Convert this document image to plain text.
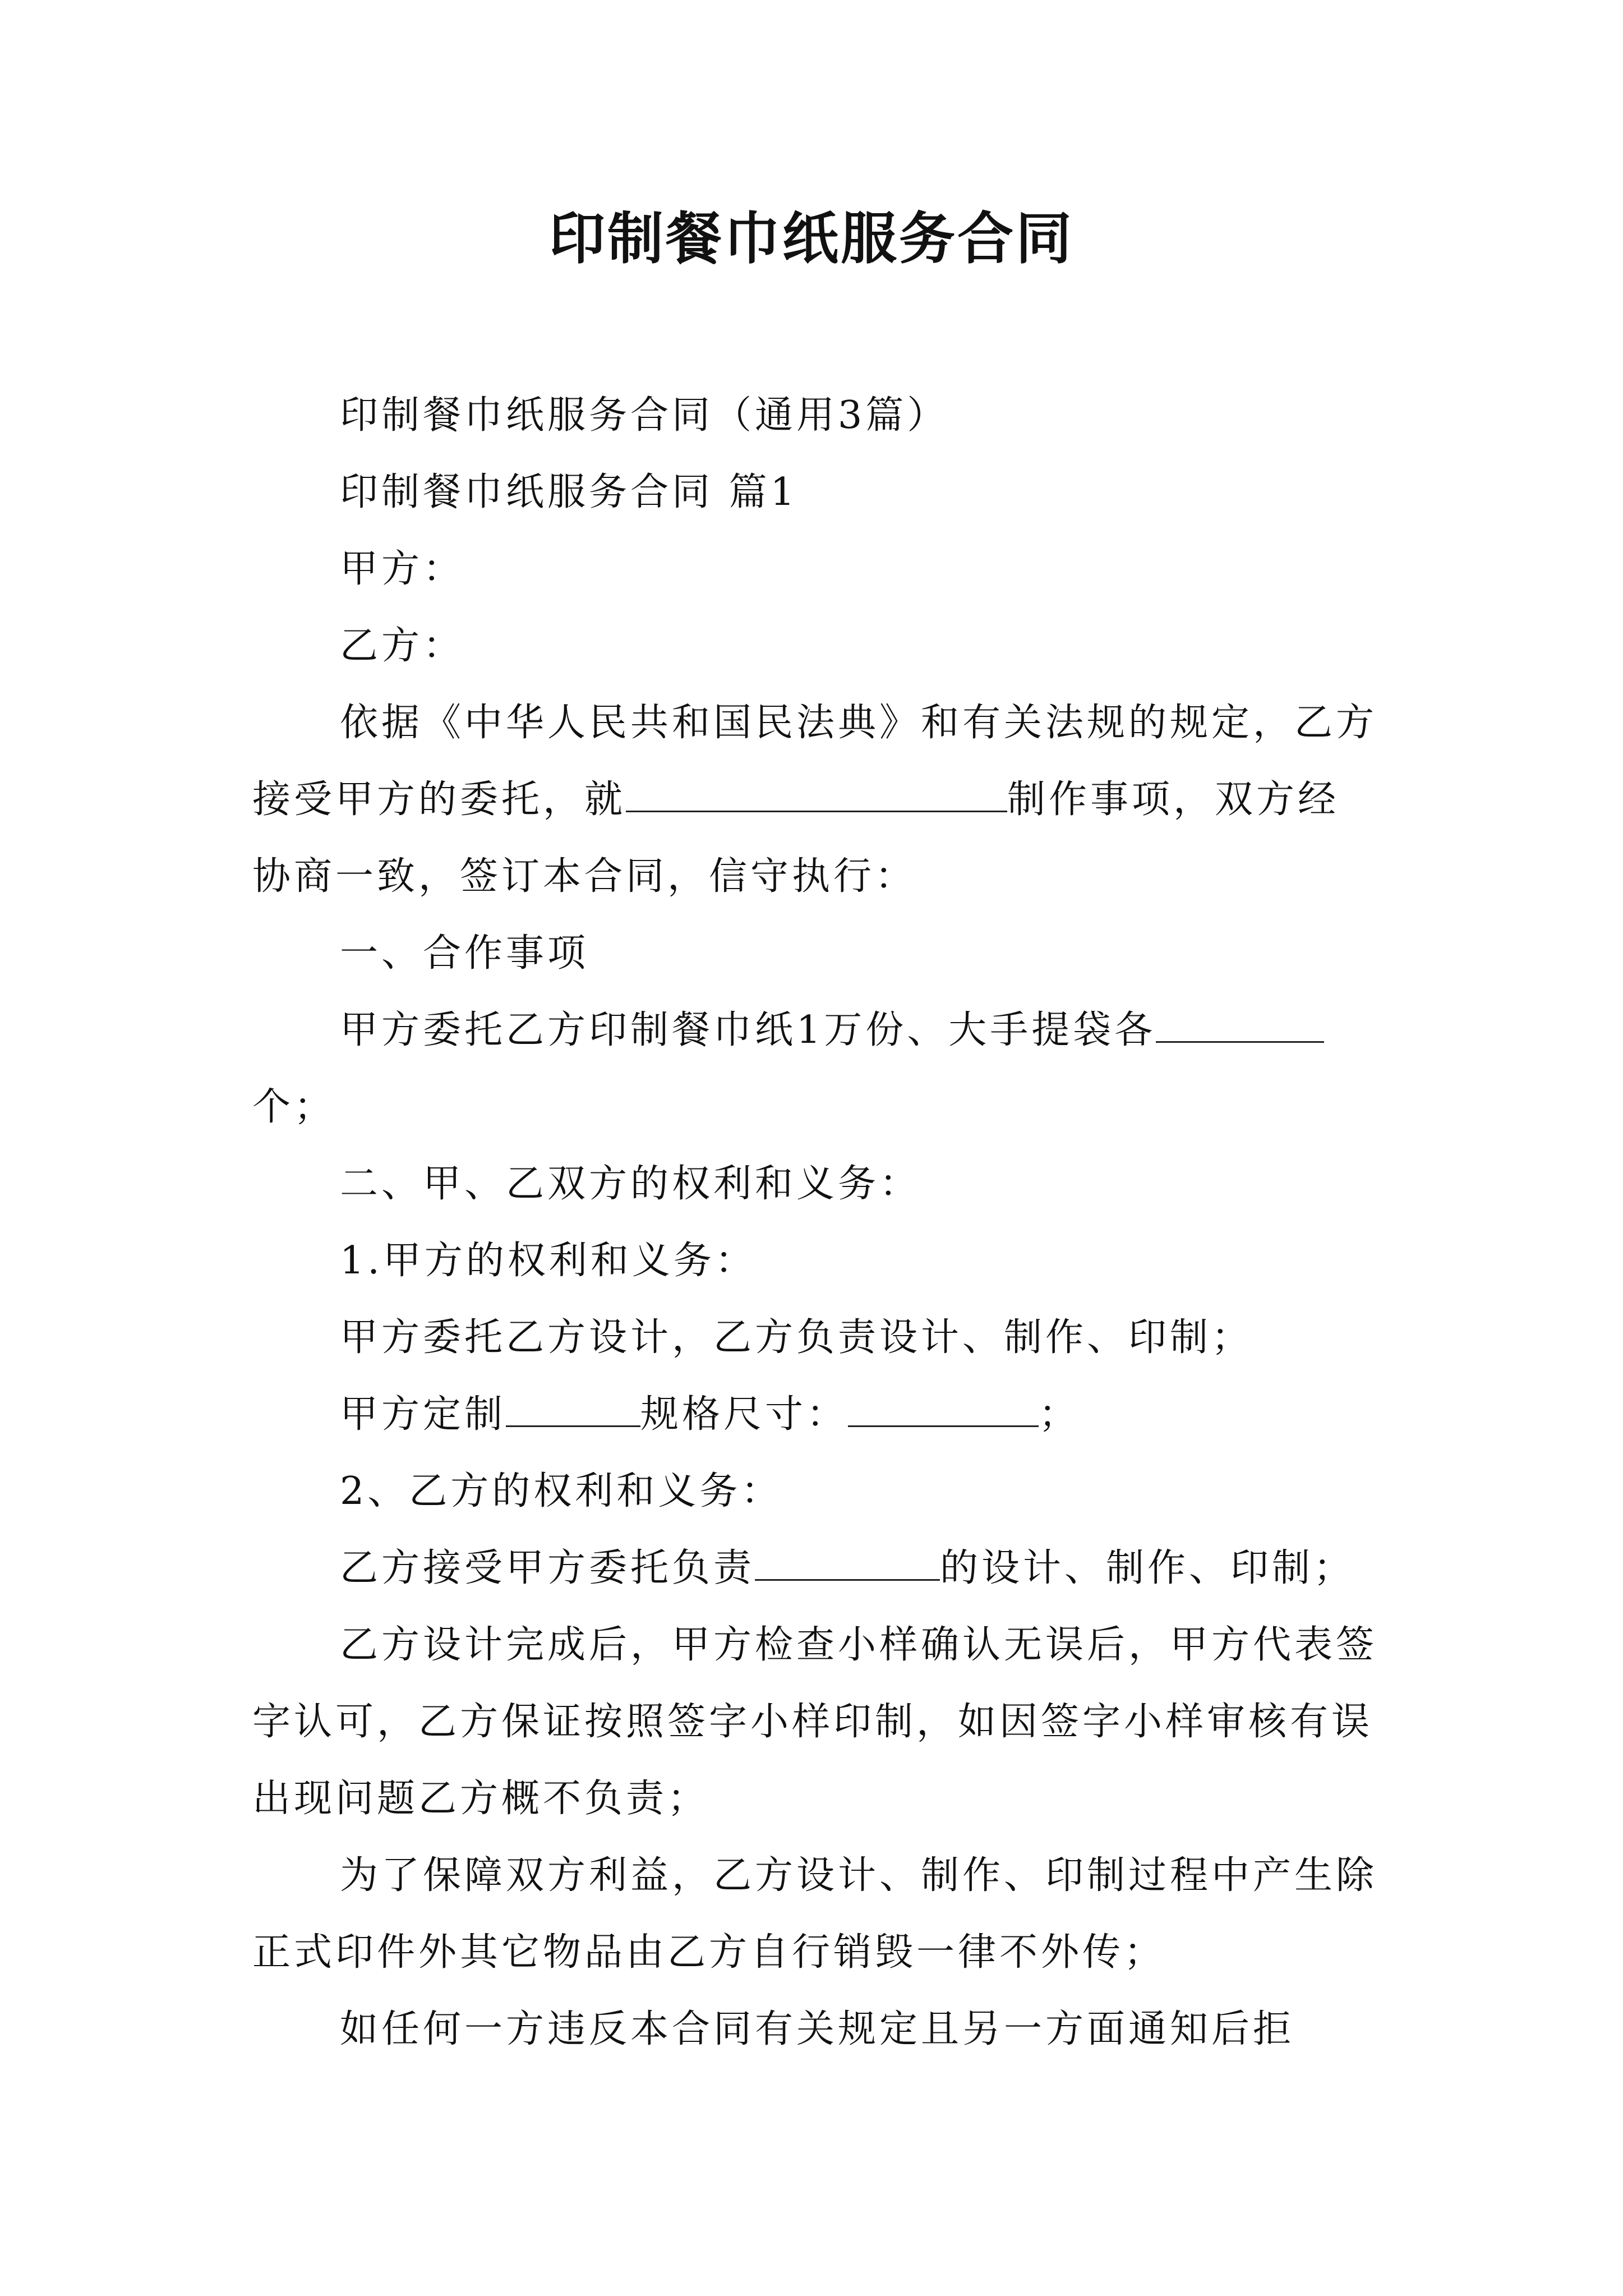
印制餐巾纸服务合同

印制餐巾纸服务合同（通用3篇）

印制餐巾纸服务合同 篇1

甲方：

乙方：

依据《中华人民共和国民法典》和有关法规的规定，乙方接受甲方的委托，就	制作事项，双方经协商一致，签订本合同，信守执行：

一、合作事项

甲方委托乙方印制餐巾纸1万份、大手提袋各个；

二、甲、乙双方的权利和义务：

1.甲方的权利和义务：

甲方委托乙方设计，乙方负责设计、制作、印制；

甲方定制	规格尺寸：	；

2、乙方的权利和义务：

乙方接受甲方委托负责	的设计、制作、印制；

乙方设计完成后，甲方检查小样确认无误后，甲方代表签字认可，乙方保证按照签字小样印制，如因签字小样审核有误出现问题乙方概不负责；

为了保障双方利益，乙方设计、制作、印制过程中产生除正式印件外其它物品由乙方自行销毁一律不外传；

如任何一方违反本合同有关规定且另一方面通知后拒
